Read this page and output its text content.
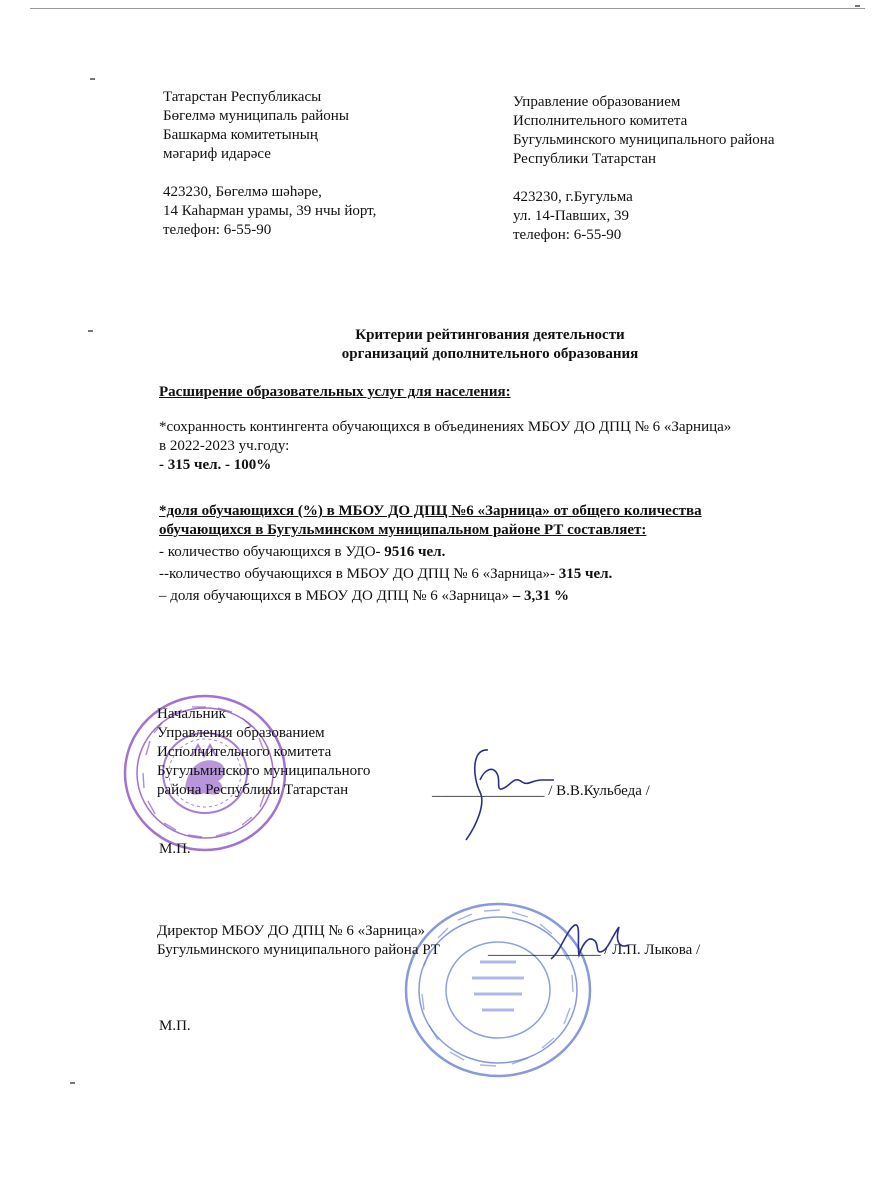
Татарстан Республикасы
Бөгелмә муниципаль районы
Башкарма комитетының
мәгариф идарәсе
423230, Бөгелмә шәһәре,
14 Каһарман урамы, 39 нчы йорт,
телефон: 6-55-90
Управление образованием
Исполнительного комитета
Бугульминского муниципального района
Республики Татарстан
423230, г.Бугульма
ул. 14-Павших, 39
телефон: 6-55-90
Критерии рейтингования деятельности
организаций дополнительного образования
Расширение образовательных услуг для населения:
*сохранность контингента обучающихся в объединениях МБОУ ДО ДПЦ № 6 «Зарница»
в 2022-2023 уч.году:
- 315 чел. - 100%
*доля обучающихся (%) в МБОУ ДО ДПЦ №6 «Зарница» от общего количества
обучающихся в Бугульминском муниципальном районе РТ составляет:
- количество обучающихся в УДО- 9516 чел.
--количество обучающихся в МБОУ ДО ДПЦ № 6 «Зарница»- 315 чел.
– доля обучающихся в МБОУ ДО ДПЦ № 6 «Зарница» – 3,31 %
Начальник
Управления образованием
Исполнительного комитета
Бугульминского муниципального
района Республики Татарстан	_______________ / В.В.Кульбеда /
М.П.
Директор МБОУ ДО ДПЦ № 6 «Зарница»
Бугульминского муниципального района РТ	_______________ / Л.П. Лыкова /
М.П.
